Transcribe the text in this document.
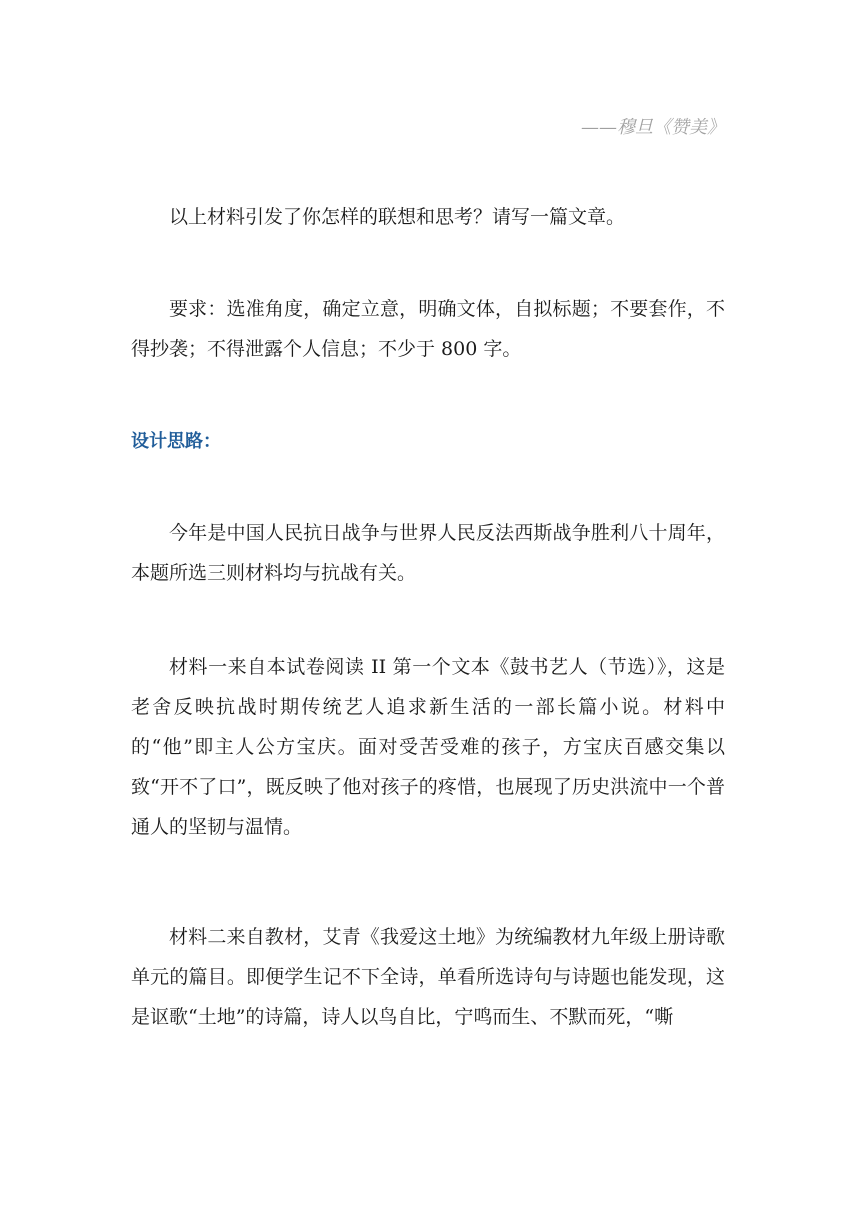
——穆旦《赞美》

以上材料引发了你怎样的联想和思考？请写一篇文章。

要求：选准角度，确定立意，明确文体，自拟标题；不要套作，不得抄袭；不得泄露个人信息；不少于 800 字。

设计思路：

今年是中国人民抗日战争与世界人民反法西斯战争胜利八十周年，本题所选三则材料均与抗战有关。

材料一来自本试卷阅读 II 第一个文本《鼓书艺人（节选）》，这是老舍反映抗战时期传统艺人追求新生活的一部长篇小说。材料中的“他”即主人公方宝庆。面对受苦受难的孩子，方宝庆百感交集以致“开不了口”，既反映了他对孩子的疼惜，也展现了历史洪流中一个普通人的坚韧与温情。

材料二来自教材，艾青《我爱这土地》为统编教材九年级上册诗歌单元的篇目。即便学生记不下全诗，单看所选诗句与诗题也能发现，这是讴歌“土地”的诗篇，诗人以鸟自比，宁鸣而生、不默而死，“嘶
